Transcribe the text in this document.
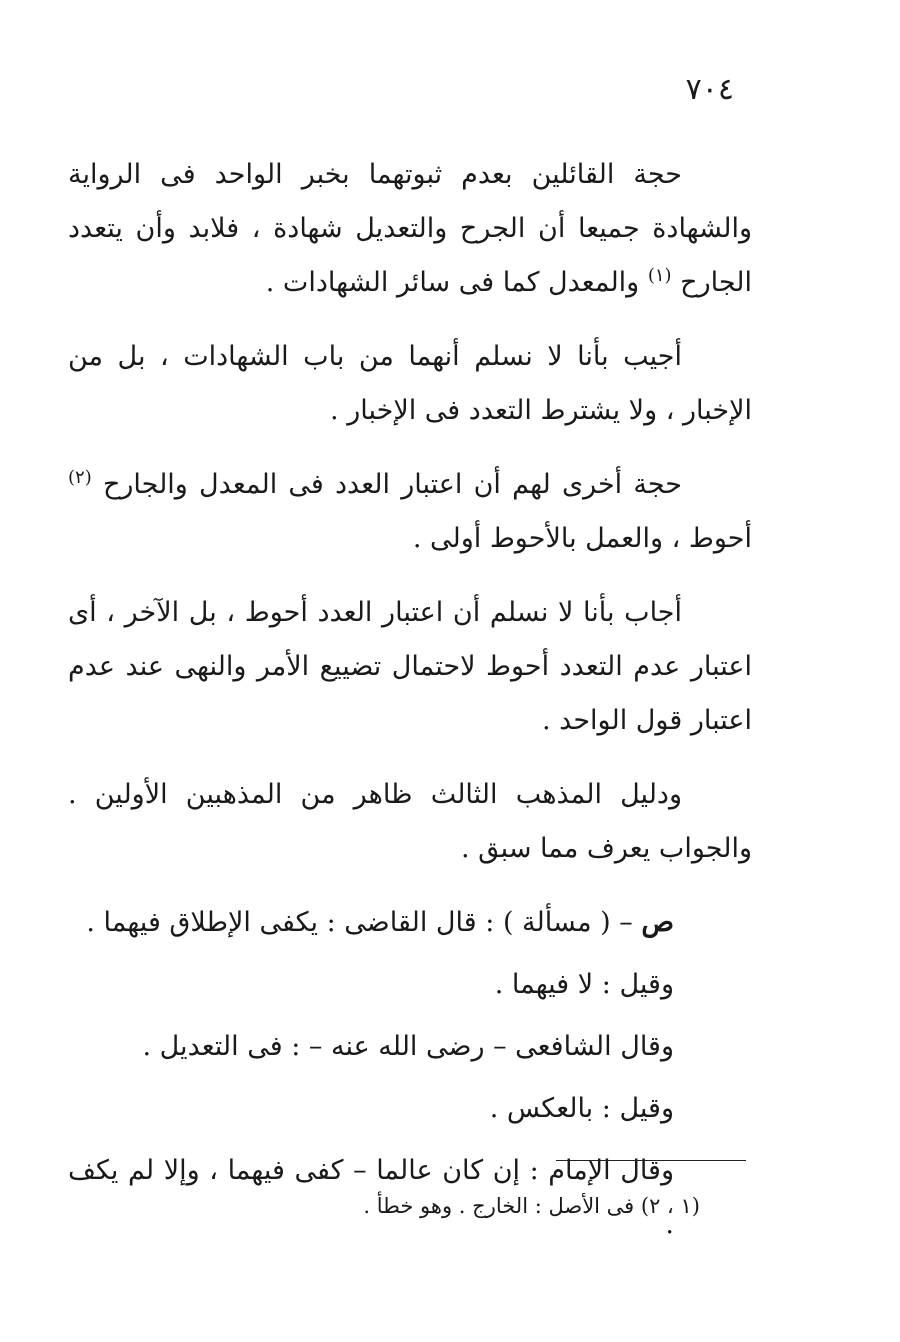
٧٠٤

حجة القائلين بعدم ثبوتهما بخبر الواحد فى الرواية والشهادة جميعا أن الجرح والتعديل شهادة ، فلابد وأن يتعدد الجارح $^{(١)}$ والمعدل كما فى سائر الشهادات .

أجيب بأنا لا نسلم أنهما من باب الشهادات ، بل من الإخبار ، ولا يشترط التعدد فى الإخبار .

حجة أخرى لهم أن اعتبار العدد فى المعدل والجارح $^{(٢)}$ أحوط ، والعمل بالأحوط أولى .

أجاب بأنا لا نسلم أن اعتبار العدد أحوط ، بل الآخر ، أى اعتبار عدم التعدد أحوط لاحتمال تضييع الأمر والنهى عند عدم اعتبار قول الواحد .

ودليل المذهب الثالث ظاهر من المذهبين الأولين . والجواب يعرف مما سبق .

ص – ( مسألة ) : قال القاضى : يكفى الإطلاق فيهما .

وقيل : لا فيهما .

وقال الشافعى – رضى الله عنه – : فى التعديل .

وقيل : بالعكس .

وقال الإمام : إن كان عالما – كفى فيهما ، وإلا لم يكف .

(١ ، ٢) فى الأصل : الخارج . وهو خطأ .
